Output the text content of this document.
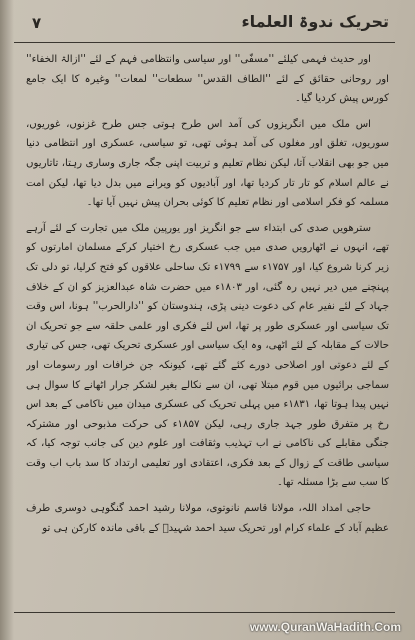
۷	تحریک ندوۃ العلماء

اور حدیث فہمی کیلئے ''مسفّی'' اور سیاسی وانتظامی فہم کے لئے ''ازالۃ الخفاء'' اور روحانی حقائق کے لئے ''الطاف القدس'' سطعات'' لمعات'' وغیرہ کا ایک جامع کورس پیش کردیا گیا۔

اس ملک میں انگریزوں کی آمد اس طرح ہوتی جس طرح غزنوں، غوریوں، سوریوں، تغلق اور مغلوں کی آمد ہوئی تھی، تو سیاسی، عسکری اور انتظامی دنیا میں جو بھی انقلاب آتا، لیکن نظام تعلیم و تربیت اپنی جگہ جاری وساری رہتا، تاتاریوں نے عالم اسلام کو تار تار کردیا تھا، اور آبادیوں کو ویرانے میں بدل دیا تھا، لیکن امت مسلمہ کو فکر اسلامی اور نظام تعلیم کا کوئی بحران پیش نہیں آیا تھا۔

سترھویں صدی کی ابتداء سے جو انگریز اور یورپین ملک میں تجارت کے لئے آرہے تھے، انہوں نے اٹھارویں صدی میں جب عسکری رخ اختیار کرکے مسلمان امارتوں کو زیر کرنا شروع کیا، اور ۱۷۵۷ء سے ۱۷۹۹ء تک ساحلی علاقوں کو فتح کرلیا، تو دلی تک پہنچنے میں دیر نہیں رہ گئی، اور ۱۸۰۳ء میں حضرت شاہ عبدالعزیز کو ان کے خلاف جہاد کے لئے نفیر عام کی دعوت دینی پڑی، ہندوستان کو ''دارالحرب'' ہونا، اس وقت تک سیاسی اور عسکری طور پر تھا، اس لئے فکری اور علمی حلقہ سے جو تحریک ان حالات کے مقابلہ کے لئے اٹھی، وہ ایک سیاسی اور عسکری تحریک تھی، جس کی تیاری کے لئے دعوتی اور اصلاحی دورے کئے گئے تھے، کیونکہ جن خرافات اور رسومات اور سماجی برائیوں میں قوم مبتلا تھی، ان سے نکالے بغیر لشکر جرار اٹھانے کا سوال ہی نہیں پیدا ہوتا تھا، ۱۸۳۱ء میں پہلی تحریک کی عسکری میدان میں ناکامی کے بعد اس رخ پر متفرق طور جہد جاری رہی، لیکن ۱۸۵۷ء کی حرکت مذبوحی اور مشترکہ جنگی مقابلے کی ناکامی نے اب تہذیب وثقافت اور علوم دین کی جانب توجہ کیا، کہ سیاسی طاقت کے زوال کے بعد فکری، اعتقادی اور تعلیمی ارتداد کا سد باب اب وقت کا سب سے بڑا مسئلہ تھا۔

حاجی امداد اللہ، مولانا قاسم نانوتوی، مولانا رشید احمد گنگوہی دوسری طرف عظیم آباد کے علماء کرام اور تحریک سید احمد شہیدؒ کے باقی ماندہ کارکن ہی تو

www.QuranWaHadith.Com
